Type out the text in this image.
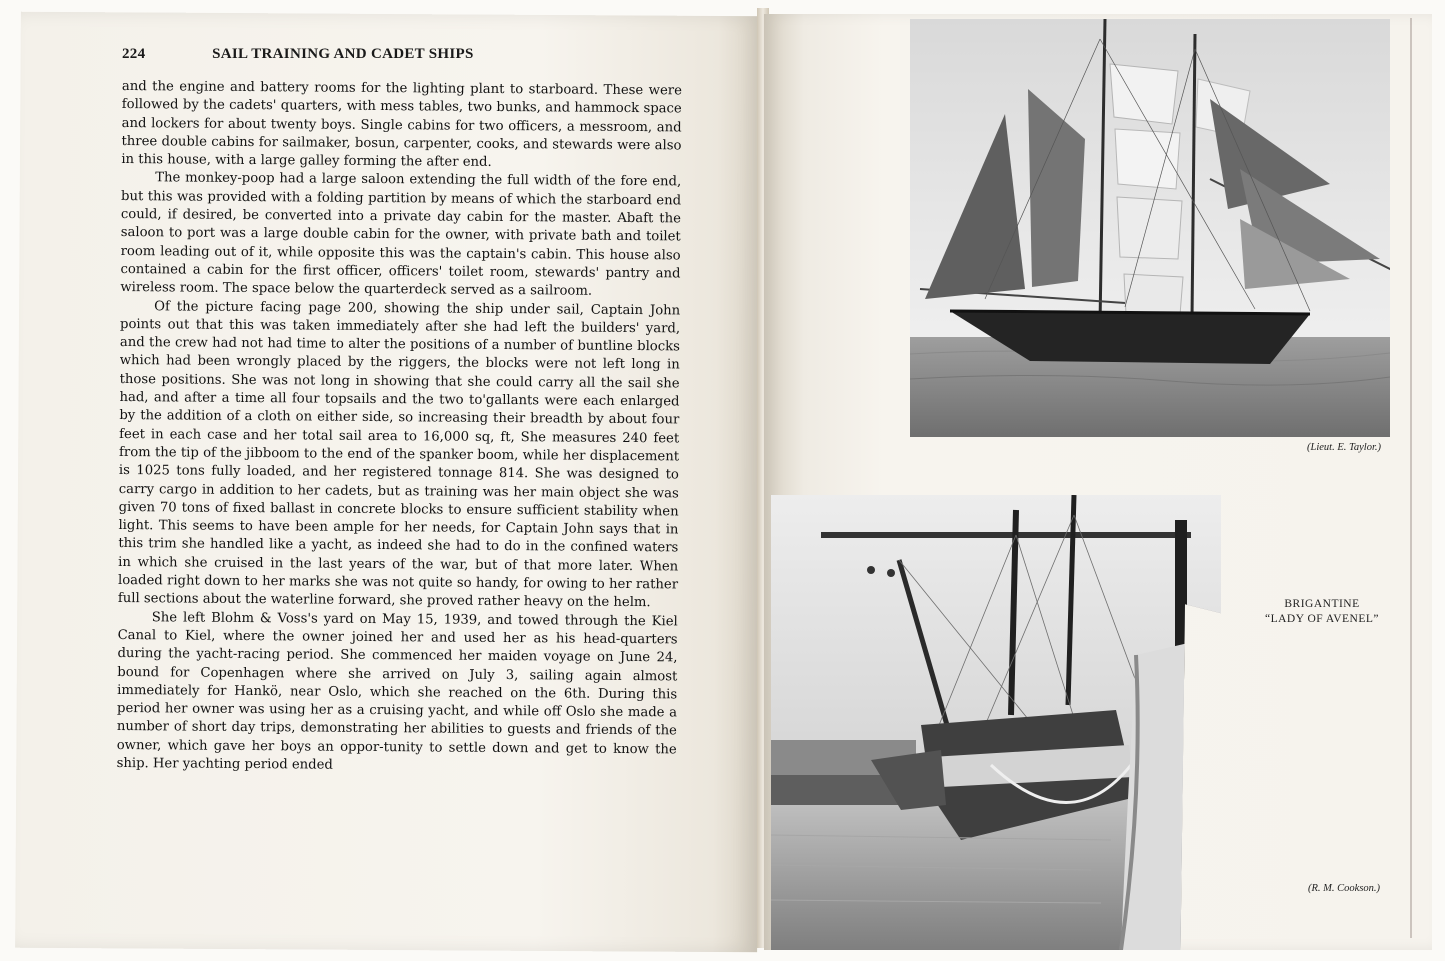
224	SAIL TRAINING AND CADET SHIPS

and the engine and battery rooms for the lighting plant to starboard. These were followed by the cadets' quarters, with mess tables, two bunks, and hammock space and lockers for about twenty boys. Single cabins for two officers, a messroom, and three double cabins for sailmaker, bosun, carpenter, cooks, and stewards were also in this house, with a large galley forming the after end.

The monkey-poop had a large saloon extending the full width of the fore end, but this was provided with a folding partition by means of which the starboard end could, if desired, be converted into a private day cabin for the master. Abaft the saloon to port was a large double cabin for the owner, with private bath and toilet room leading out of it, while opposite this was the captain's cabin. This house also contained a cabin for the first officer, officers' toilet room, stewards' pantry and wireless room. The space below the quarterdeck served as a sailroom.

Of the picture facing page 200, showing the ship under sail, Captain John points out that this was taken immediately after she had left the builders' yard, and the crew had not had time to alter the positions of a number of buntline blocks which had been wrongly placed by the riggers, the blocks were not left long in those positions. She was not long in showing that she could carry all the sail she had, and after a time all four topsails and the two to'gallants were each enlarged by the addition of a cloth on either side, so increasing their breadth by about four feet in each case and her total sail area to 16,000 sq, ft, She measures 240 feet from the tip of the jibboom to the end of the spanker boom, while her displacement is 1025 tons fully loaded, and her registered tonnage 814. She was designed to carry cargo in addition to her cadets, but as training was her main object she was given 70 tons of fixed ballast in concrete blocks to ensure sufficient stability when light. This seems to have been ample for her needs, for Captain John says that in this trim she handled like a yacht, as indeed she had to do in the confined waters in which she cruised in the last years of the war, but of that more later. When loaded right down to her marks she was not quite so handy, for owing to her rather full sections about the waterline forward, she proved rather heavy on the helm.

She left Blohm & Voss's yard on May 15, 1939, and towed through the Kiel Canal to Kiel, where the owner joined her and used her as his head-quarters during the yacht-racing period. She commenced her maiden voyage on June 24, bound for Copenhagen where she arrived on July 3, sailing again almost immediately for Hankö, near Oslo, which she reached on the 6th. During this period her owner was using her as a cruising yacht, and while off Oslo she made a number of short day trips, demonstrating her abilities to guests and friends of the owner, which gave her boys an oppor-tunity to settle down and get to know the ship. Her yachting period ended

(Lieut. E. Taylor.)
BRIGANTINE
“LADY OF AVENEL”
(R. M. Cookson.)
